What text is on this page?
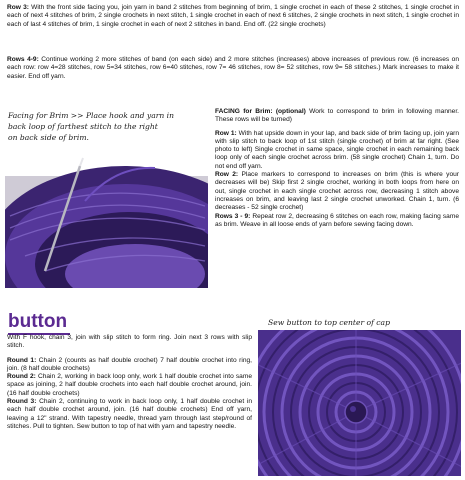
Row 3: With the front side facing you, join yarn in band 2 stitches from beginning of brim, 1 single crochet in each of these 2 stitches, 1 single crochet in each of next 4 stitches of brim, 2 single crochets in next stitch, 1 single crochet in each of next 6 stitches, 2 single crochets in next stitch, 1 single crochet in each of last 4 stitches of brim, 1 single crochet in each of next 2 stitches in band. End off. (22 single crochets)
Rows 4-9: Continue working 2 more stitches of band (on each side) and 2 more stitches (increases) above increases of previous row. (6 increases on each row: row 4=28 stitches, row 5=34 stitches, row 6=40 stitches, row 7= 46 stitches, row 8= 52 stitches, row 9= 58 stitches.) Mark increases to make it easier. End off yarn.
Facing for Brim >> Place hook and yarn in
back loop of farthest stitch to the right
on back side of brim.
FACING for Brim: (optional) Work to correspond to brim in following manner. These rows will be turned)
Row 1: With hat upside down in your lap, and back side of brim facing up, join yarn with slip stitch to back loop of 1st stitch (single crochet) of brim at far right. (See photo to left) Single crochet in same space, single crochet in each remaining back loop only of each single crochet across brim. (58 single crochet) Chain 1, turn. Do not end off yarn.
Row 2: Place markers to correspond to increases on brim (this is where your decreases will be) Skip first 2 single crochet, working in both loops from here on out, single crochet in each single crochet across row, decreasing 1 stitch above increases on brim, and leaving last 2 single crochet unworked. Chain 1, turn. (6 decreases - 52 single crochet)
Rows 3 - 9: Repeat row 2, decreasing 6 stitches on each row, making facing same as brim. Weave in all loose ends of yarn before sewing facing down.
button
With F hook, chain 3, join with slip stitch to form ring. Join next 3 rows with slip stitch.
Round 1: Chain 2 (counts as half double crochet) 7 half double crochet into ring, join. (8 half double crochets)
Round 2: Chain 2, working in back loop only, work 1 half double crochet into same space as joining, 2 half double crochets into each half double crochet around, join. (16 half double crochets)
Round 3: Chain 2, continuing to work in back loop only, 1 half double crochet in each half double crochet around, join. (16 half double crochets) End off yarn, leaving a 12" strand. With tapestry needle, thread yarn through last step/round of stitches. Pull to tighten. Sew button to top of hat with yarn and tapestry needle.
Sew button to top center of cap
